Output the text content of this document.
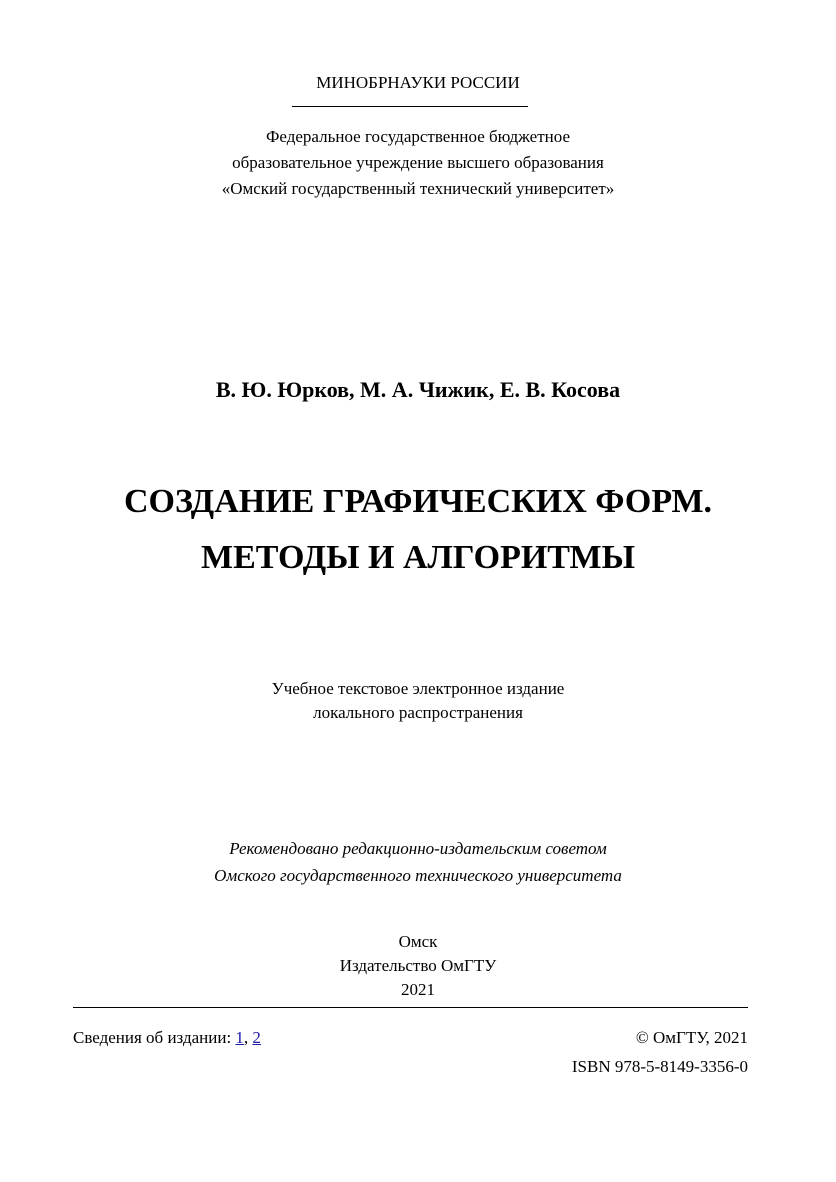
МИНОБРНАУКИ РОССИИ
Федеральное государственное бюджетное
образовательное учреждение высшего образования
«Омский государственный технический университет»
В. Ю. Юрков, М. А. Чижик, Е. В. Косова
СОЗДАНИЕ ГРАФИЧЕСКИХ ФОРМ.
МЕТОДЫ И АЛГОРИТМЫ
Учебное текстовое электронное издание
локального распространения
Рекомендовано редакционно-издательским советом
Омского государственного технического университета
Омск
Издательство ОмГТУ
2021
Сведения об издании: 1, 2	© ОмГТУ, 2021
ISBN 978-5-8149-3356-0
